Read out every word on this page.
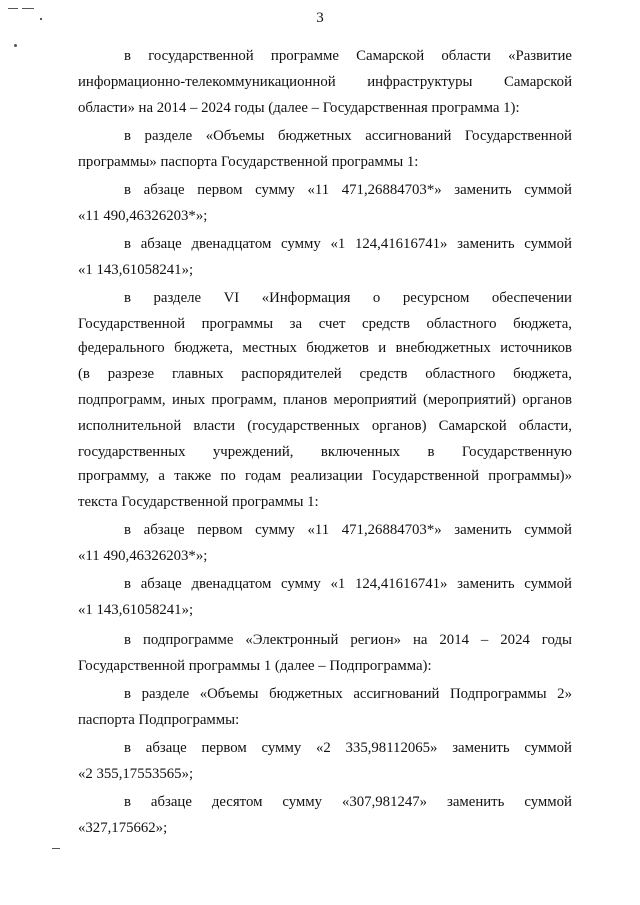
3
в государственной программе Самарской области «Развитие
информационно-телекоммуникационной инфраструктуры Самарской
области» на 2014 – 2024 годы (далее – Государственная программа 1):
в разделе «Объемы бюджетных ассигнований Государственной
программы» паспорта Государственной программы 1:
в абзаце первом сумму «11 471,26884703*» заменить суммой
«11 490,46326203*»;
в абзаце двенадцатом сумму «1 124,41616741» заменить суммой
«1 143,61058241»;
в разделе VI «Информация о ресурсном обеспечении
Государственной программы за счет средств областного бюджета,
федерального бюджета, местных бюджетов и внебюджетных источников
(в разрезе главных распорядителей средств областного бюджета,
подпрограмм, иных программ, планов мероприятий (мероприятий) органов
исполнительной власти (государственных органов) Самарской области,
государственных учреждений, включенных в Государственную
программу, а также по годам реализации Государственной программы)»
текста Государственной программы 1:
в абзаце первом сумму «11 471,26884703*» заменить суммой
«11 490,46326203*»;
в абзаце двенадцатом сумму «1 124,41616741» заменить суммой
«1 143,61058241»;
в подпрограмме «Электронный регион» на 2014 – 2024 годы
Государственной программы 1 (далее – Подпрограмма):
в разделе «Объемы бюджетных ассигнований Подпрограммы 2»
паспорта Подпрограммы:
в абзаце первом сумму «2 335,98112065» заменить суммой
«2 355,17553565»;
в абзаце десятом сумму «307,981247» заменить суммой
«327,175662»;
